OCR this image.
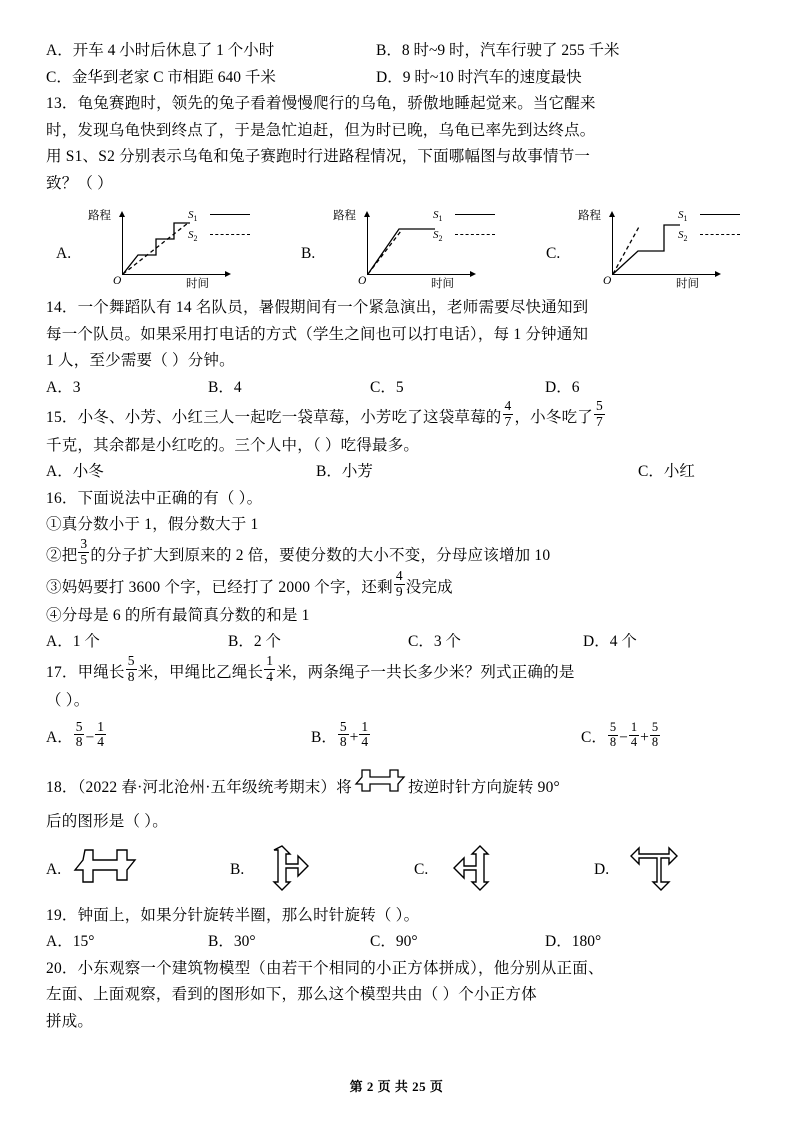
A．开车 4 小时后休息了 1 个小时	B．8 时~9 时，汽车行驶了 255 千米
C．金华到老家 C 市相距 640 千米	D．9 时~10 时汽车的速度最快
13．龟兔赛跑时，领先的兔子看着慢慢爬行的乌龟，骄傲地睡起觉来。当它醒来
时，发现乌龟快到终点了，于是急忙迫赶，但为时已晚，乌龟已率先到达终点。
用 S1、S2 分别表示乌龟和兔子赛跑时行进路程情况，下面哪幅图与故事情节一
致？（ ）
A.
路程
O	时间
$S_1$
$S_2$
B.
路程
O	时间
$S_1$
$S_2$
C.
路程
O	时间
$S_1$
$S_2$
14．一个舞蹈队有 14 名队员，暑假期间有一个紧急演出，老师需要尽快通知到
每一个队员。如果采用打电话的方式（学生之间也可以打电话），每 1 分钟通知
1 人，至少需要（ ）分钟。
A．3	B．4	C．5	D．6
15．小冬、小芳、小红三人一起吃一袋草莓，小芳吃了这袋草莓的 $\frac{4}{7}$ ，小冬吃了 $\frac{5}{7}$
千克，其余都是小红吃的。三个人中，（ ）吃得最多。
A．小冬	B．小芳	C．小红
16．下面说法中正确的有（ ）。
①真分数小于 1，假分数大于 1
②把 $\frac{3}{5}$ 的分子扩大到原来的 2 倍，要使分数的大小不变，分母应该增加 10
③妈妈要打 3600 个字，已经打了 2000 个字，还剩 $\frac{4}{9}$ 没完成
④分母是 6 的所有最简真分数的和是 1
A．1 个	B．2 个	C．3 个	D．4 个
17．甲绳长 $\frac{5}{8}$ 米，甲绳比乙绳长 $\frac{1}{4}$ 米，两条绳子一共长多少米？列式正确的是
（ ）。
A． $\frac{5}{8} - \frac{1}{4}$	B． $\frac{5}{8} + \frac{1}{4}$	C． $\frac{5}{8} - \frac{1}{4} + \frac{5}{8}$
18．（2022 春·河北沧州·五年级统考期末）将	按逆时针方向旋转 90°
后的图形是（ ）。
A.	B.	C.	D.
19．钟面上，如果分针旋转半圈，那么时针旋转（ ）。
A．15°	B．30°	C．90°	D．180°
20．小东观察一个建筑物模型（由若干个相同的小正方体拼成），他分别从正面、
左面、上面观察，看到的图形如下，那么这个模型共由（ ）个小正方体
拼成。
第 2 页 共 25 页
